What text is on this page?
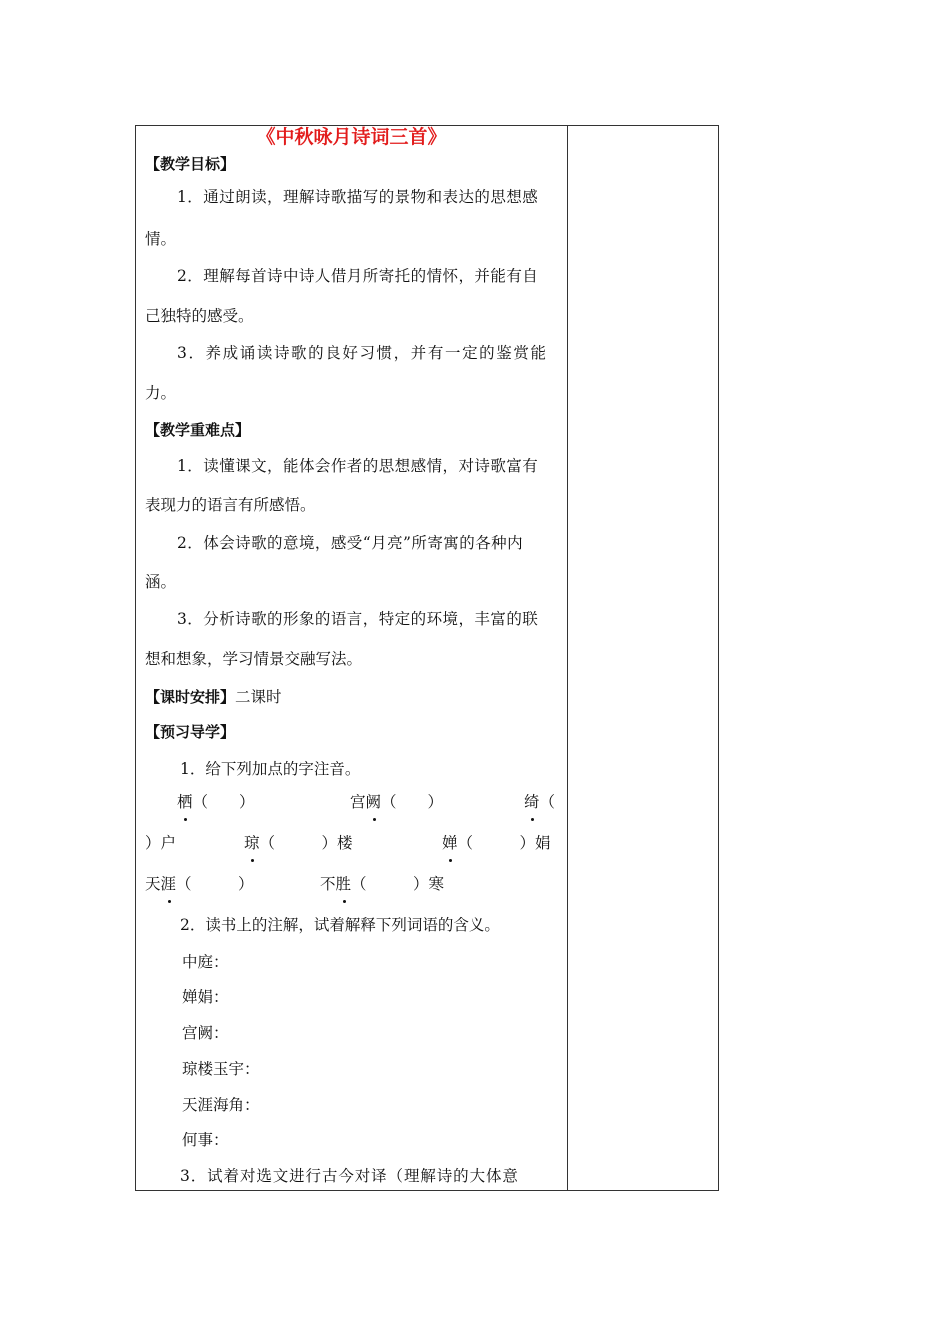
《中秋咏月诗词三首》
【教学目标】
1．通过朗读，理解诗歌描写的景物和表达的思想感
情。
2．理解每首诗中诗人借月所寄托的情怀，并能有自
己独特的感受。
3．养成诵读诗歌的良好习惯，并有一定的鉴赏能
力。
【教学重难点】
1．读懂课文，能体会作者的思想感情，对诗歌富有
表现力的语言有所感悟。
2．体会诗歌的意境，感受“月亮”所寄寓的各种内
涵。
3．分析诗歌的形象的语言，特定的环境，丰富的联
想和想象，学习情景交融写法。
【课时安排】二课时
【预习导学】
1．给下列加点的字注音。
栖（　　）	宫阙（　　）	绮（
）户	琼（　　　）楼	婵（　　　）娟
天涯（　　　）	不胜（　　　）寒
2．读书上的注解，试着解释下列词语的含义。
中庭：
婵娟：
宫阙：
琼楼玉宇：
天涯海角：
何事：
3．试着对选文进行古今对译（理解诗的大体意
